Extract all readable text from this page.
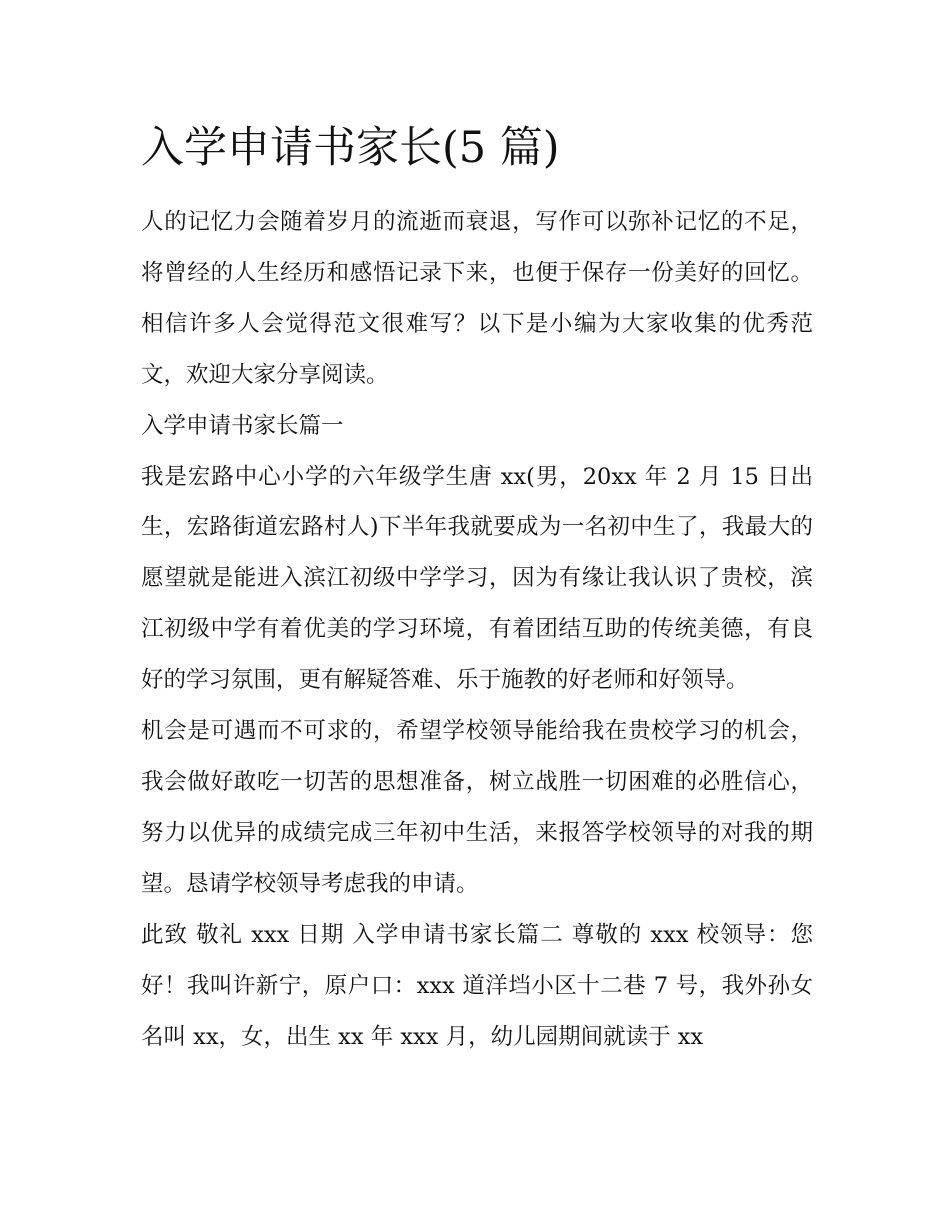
入学申请书家长(5 篇)

人的记忆力会随着岁月的流逝而衰退，写作可以弥补记忆的不足，将曾经的人生经历和感悟记录下来，也便于保存一份美好的回忆。相信许多人会觉得范文很难写？以下是小编为大家收集的优秀范文，欢迎大家分享阅读。

入学申请书家长篇一

我是宏路中心小学的六年级学生唐 xx(男，20xx 年 2 月 15 日出生，宏路街道宏路村人)下半年我就要成为一名初中生了，我最大的愿望就是能进入滨江初级中学学习，因为有缘让我认识了贵校，滨江初级中学有着优美的学习环境，有着团结互助的传统美德，有良好的学习氛围，更有解疑答难、乐于施教的好老师和好领导。

机会是可遇而不可求的，希望学校领导能给我在贵校学习的机会，我会做好敢吃一切苦的思想准备，树立战胜一切困难的必胜信心，努力以优异的成绩完成三年初中生活，来报答学校领导的对我的期望。恳请学校领导考虑我的申请。

此致 敬礼 xxx 日期 入学申请书家长篇二 尊敬的 xxx 校领导：您好！我叫许新宁，原户口：xxx 道洋垱小区十二巷 7 号，我外孙女名叫 xx，女，出生 xx 年 xxx 月，幼儿园期间就读于 xx
